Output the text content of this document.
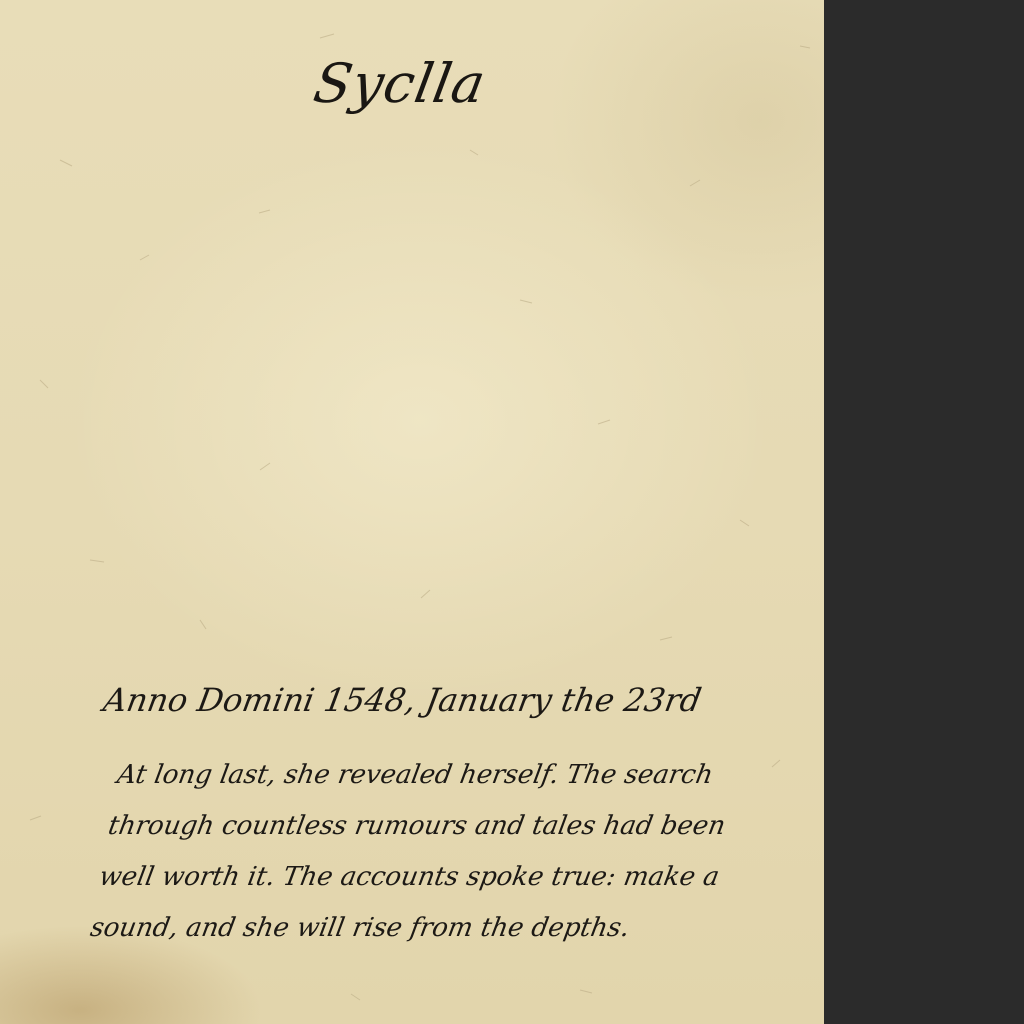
Syclla
Anno Domini 1548, January the 23rd
At long last, she revealed herself. The search through countless rumours and tales had been well worth it. The accounts spoke true: make a sound, and she will rise from the depths.
